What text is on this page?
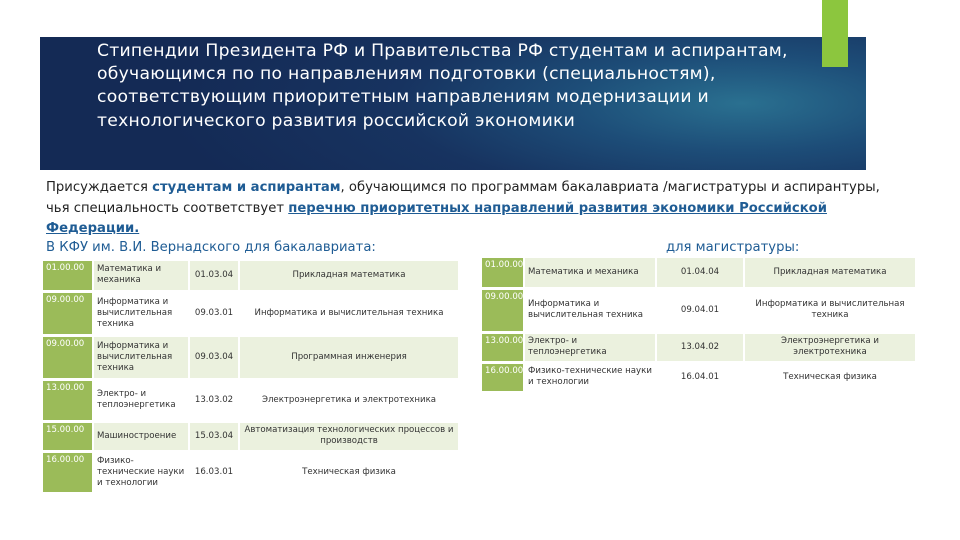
Стипендии Президента РФ и Правительства РФ студентам и аспирантам, обучающимся по по направлениям подготовки (специальностям), соответствующим приоритетным направлениям модернизации и технологического развития российской экономики
Присуждается студентам и аспирантам, обучающимся по программам бакалавриата /магистратуры и аспирантуры, чья специальность соответствует перечню приоритетных направлений развития экономики Российской Федерации.
В КФУ им. В.И. Вернадского для бакалавриата:	для магистратуры:
01.00.00	Математика и механика	01.03.04	Прикладная математика
09.00.00	Информатика и вычислительная техника	09.03.01	Информатика и вычислительная техника
09.00.00	Информатика и вычислительная техника	09.03.04	Программная инженерия
13.00.00	Электро- и теплоэнергетика	13.03.02	Электроэнергетика и электротехника
15.00.00	Машиностроение	15.03.04	Автоматизация технологических процессов и производств
16.00.00	Физико-технические науки и технологии	16.03.01	Техническая физика
01.00.00	Математика и механика	01.04.04	Прикладная математика
09.00.00	Информатика и вычислительная техника	09.04.01	Информатика и вычислительная техника
13.00.00	Электро- и теплоэнергетика	13.04.02	Электроэнергетика и электротехника
16.00.00	Физико-технические науки и технологии	16.04.01	Техническая физика
